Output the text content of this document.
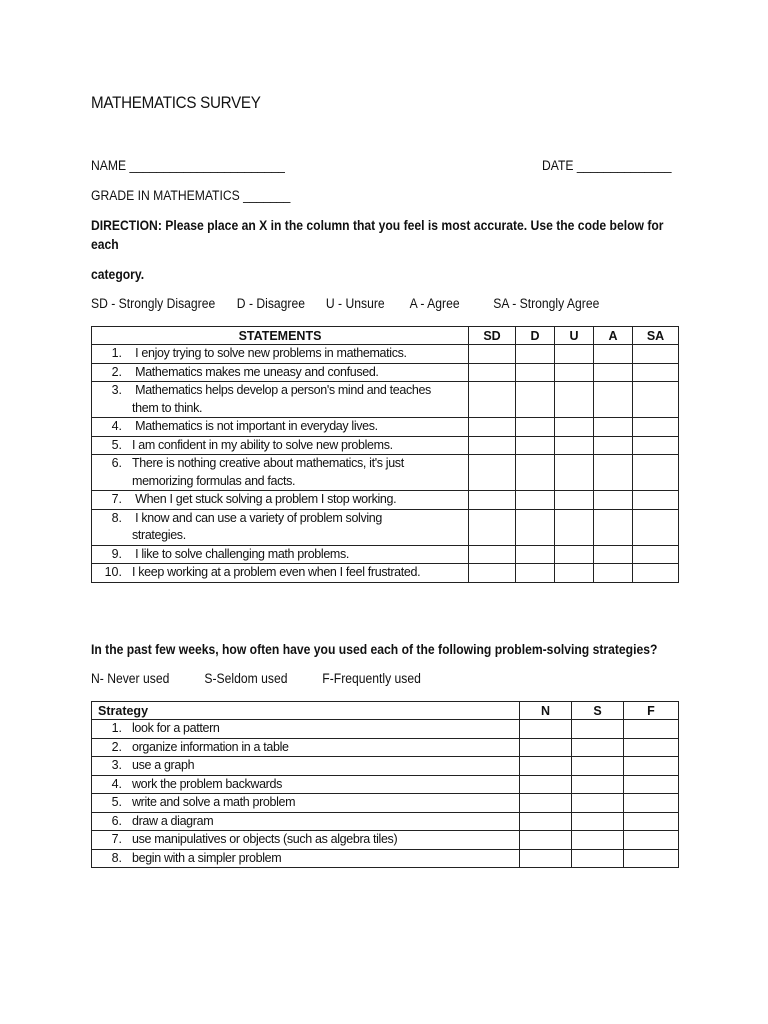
MATHEMATICS SURVEY
NAME _______________________	DATE ______________
GRADE IN MATHEMATICS _______
DIRECTION: Please place an X in the column that you feel is most accurate. Use the code below for
each
category.
SD - Strongly Disagree D - Disagree U - Unsure A - Agree SA - Strongly Agree
STATEMENTS	SD	D	U	A	SA

1. I enjoy trying to solve new problems in mathematics.					

2. Mathematics makes me uneasy and confused.					

3. Mathematics helps develop a person's mind and teaches
them to think.					

4. Mathematics is not important in everyday lives.					

5. I am confident in my ability to solve new problems.					

6. There is nothing creative about mathematics, it's just
memorizing formulas and facts.					

7. When I get stuck solving a problem I stop working.					

8. I know and can use a variety of problem solving
strategies.					

9. I like to solve challenging math problems.					

10. I keep working at a problem even when I feel frustrated.					

In the past few weeks, how often have you used each of the following problem-solving strategies?
N- Never used	S-Seldom used	F-Frequently used
Strategy	N	S	F

1. look for a pattern			

2. organize information in a table			

3. use a graph			

4. work the problem backwards			

5. write and solve a math problem			

6. draw a diagram			

7. use manipulatives or objects (such as algebra tiles)			

8. begin with a simpler problem			
